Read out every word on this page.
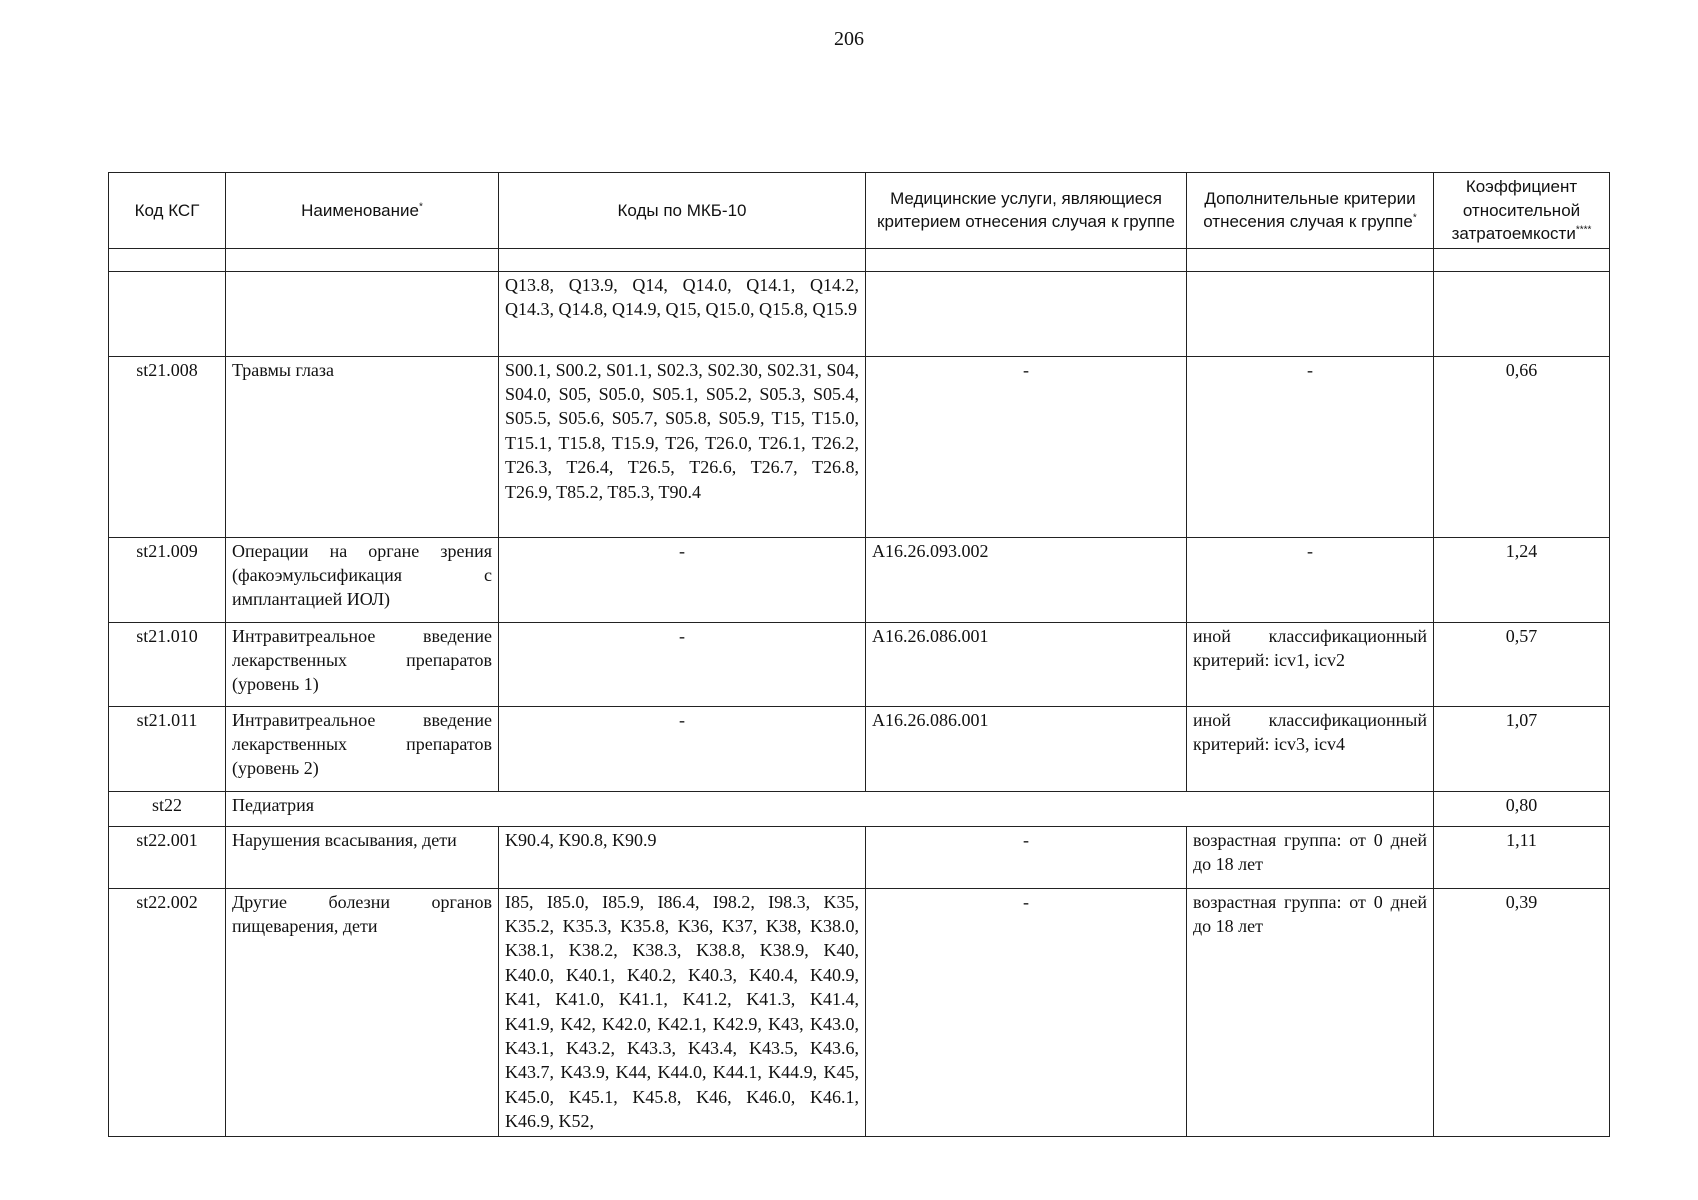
206
Код КСГ	Наименование*	Коды по МКБ-10	Медицинские услуги, являющиеся критерием отнесения случая к группе	Дополнительные критерии отнесения случая к группе*	Коэффициент относительной затратоемкости****

		Q13.8, Q13.9, Q14, Q14.0, Q14.1, Q14.2, Q14.3, Q14.8, Q14.9, Q15, Q15.0, Q15.8, Q15.9			
st21.008	Травмы глаза	S00.1, S00.2, S01.1, S02.3, S02.30, S02.31, S04, S04.0, S05, S05.0, S05.1, S05.2, S05.3, S05.4, S05.5, S05.6, S05.7, S05.8, S05.9, T15, T15.0, T15.1, T15.8, T15.9, T26, T26.0, T26.1, T26.2, T26.3, T26.4, T26.5, T26.6, T26.7, T26.8, T26.9, T85.2, T85.3, T90.4	-	-	0,66
st21.009	Операции на органе зрения (факоэмульсификация с имплантацией ИОЛ)	-	A16.26.093.002	-	1,24
st21.010	Интравитреальное введение лекарственных препаратов (уровень 1)	-	A16.26.086.001	иной классификационный критерий: icv1, icv2	0,57
st21.011	Интравитреальное введение лекарственных препаратов (уровень 2)	-	A16.26.086.001	иной классификационный критерий: icv3, icv4	1,07
st22	Педиатрия				0,80
st22.001	Нарушения всасывания, дети	K90.4, K90.8, K90.9	-	возрастная группа: от 0 дней до 18 лет	1,11
st22.002	Другие болезни органов пищеварения, дети	I85, I85.0, I85.9, I86.4, I98.2, I98.3, K35, K35.2, K35.3, K35.8, K36, K37, K38, K38.0, K38.1, K38.2, K38.3, K38.8, K38.9, K40, K40.0, K40.1, K40.2, K40.3, K40.4, K40.9, K41, K41.0, K41.1, K41.2, K41.3, K41.4, K41.9, K42, K42.0, K42.1, K42.9, K43, K43.0, K43.1, K43.2, K43.3, K43.4, K43.5, K43.6, K43.7, K43.9, K44, K44.0, K44.1, K44.9, K45, K45.0, K45.1, K45.8, K46, K46.0, K46.1, K46.9, K52,	-	возрастная группа: от 0 дней до 18 лет	0,39
